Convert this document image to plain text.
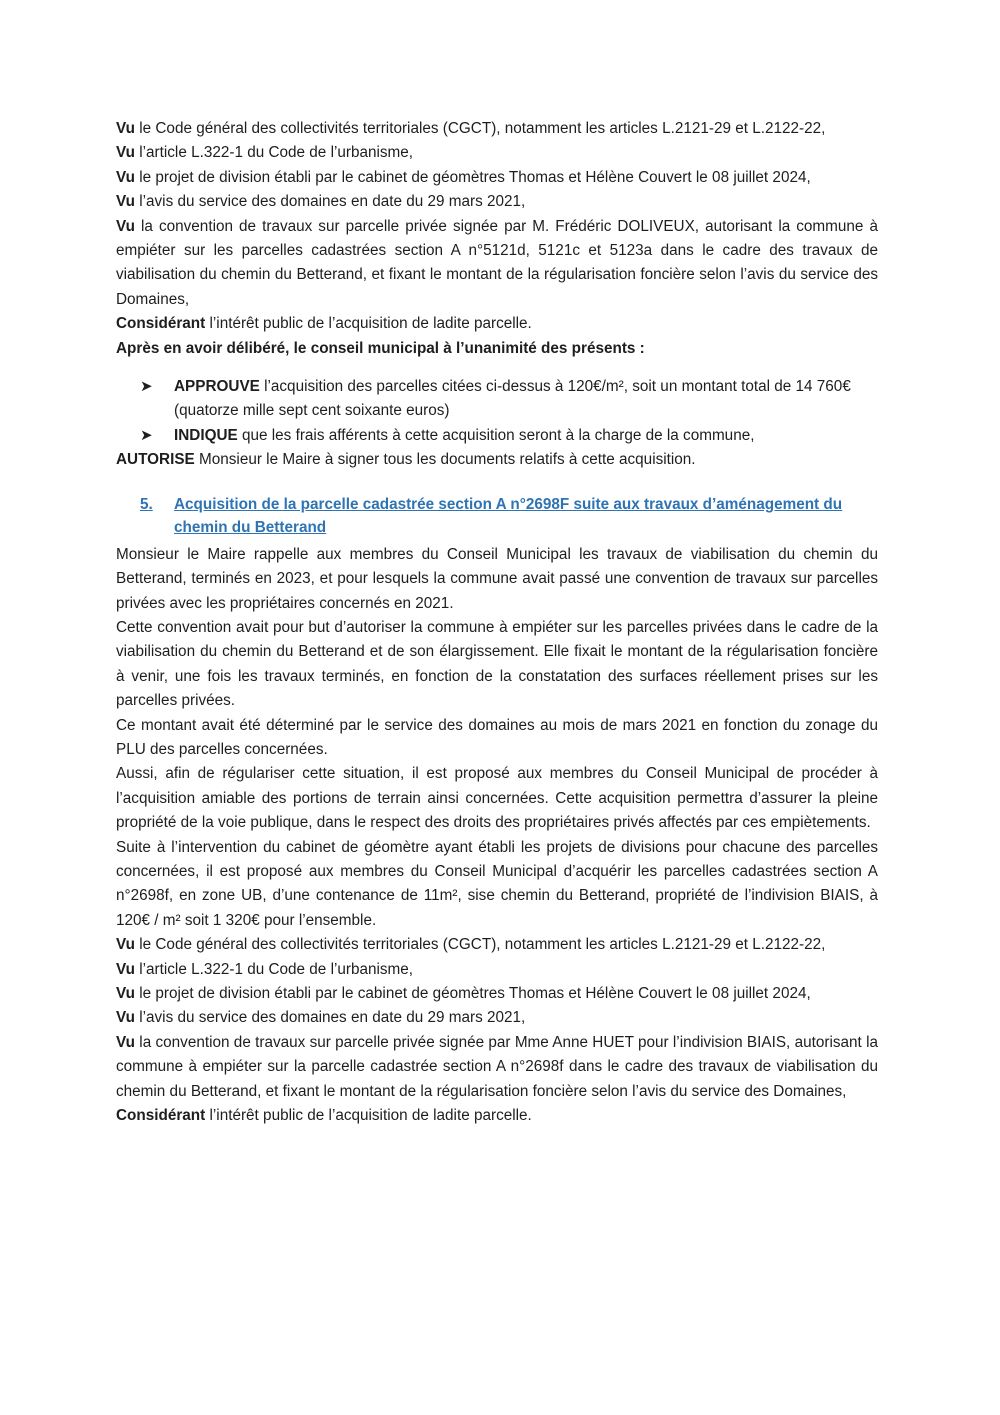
Vu le Code général des collectivités territoriales (CGCT), notamment les articles L.2121-29 et L.2122-22,

Vu l’article L.322-1 du Code de l’urbanisme,

Vu le projet de division établi par le cabinet de géomètres Thomas et Hélène Couvert le 08 juillet 2024,

Vu l’avis du service des domaines en date du 29 mars 2021,

Vu la convention de travaux sur parcelle privée signée par M. Frédéric DOLIVEUX, autorisant la commune à empiéter sur les parcelles cadastrées section A n°5121d, 5121c et 5123a dans le cadre des travaux de viabilisation du chemin du Betterand, et fixant le montant de la régularisation foncière selon l’avis du service des Domaines,

Considérant l’intérêt public de l’acquisition de ladite parcelle.

Après en avoir délibéré, le conseil municipal à l’unanimité des présents :

➤ APPROUVE l’acquisition des parcelles citées ci-dessus à 120€/m², soit un montant total de 14 760€ (quatorze mille sept cent soixante euros)
➤ INDIQUE que les frais afférents à cette acquisition seront à la charge de la commune,

AUTORISE Monsieur le Maire à signer tous les documents relatifs à cette acquisition.

5.	Acquisition de la parcelle cadastrée section A n°2698F suite aux travaux d’aménagement du chemin du Betterand

Monsieur le Maire rappelle aux membres du Conseil Municipal les travaux de viabilisation du chemin du Betterand, terminés en 2023, et pour lesquels la commune avait passé une convention de travaux sur parcelles privées avec les propriétaires concernés en 2021.

Cette convention avait pour but d’autoriser la commune à empiéter sur les parcelles privées dans le cadre de la viabilisation du chemin du Betterand et de son élargissement. Elle fixait le montant de la régularisation foncière à venir, une fois les travaux terminés, en fonction de la constatation des surfaces réellement prises sur les parcelles privées.

Ce montant avait été déterminé par le service des domaines au mois de mars 2021 en fonction du zonage du PLU des parcelles concernées.

Aussi, afin de régulariser cette situation, il est proposé aux membres du Conseil Municipal de procéder à l’acquisition amiable des portions de terrain ainsi concernées. Cette acquisition permettra d’assurer la pleine propriété de la voie publique, dans le respect des droits des propriétaires privés affectés par ces empiètements.

Suite à l’intervention du cabinet de géomètre ayant établi les projets de divisions pour chacune des parcelles concernées, il est proposé aux membres du Conseil Municipal d’acquérir les parcelles cadastrées section A n°2698f, en zone UB, d’une contenance de 11m², sise chemin du Betterand, propriété de l’indivision BIAIS, à 120€ / m² soit 1 320€ pour l’ensemble.

Vu le Code général des collectivités territoriales (CGCT), notamment les articles L.2121-29 et L.2122-22,

Vu l’article L.322-1 du Code de l’urbanisme,

Vu le projet de division établi par le cabinet de géomètres Thomas et Hélène Couvert le 08 juillet 2024,

Vu l’avis du service des domaines en date du 29 mars 2021,

Vu la convention de travaux sur parcelle privée signée par Mme Anne HUET pour l’indivision BIAIS, autorisant la commune à empiéter sur la parcelle cadastrée section A n°2698f dans le cadre des travaux de viabilisation du chemin du Betterand, et fixant le montant de la régularisation foncière selon l’avis du service des Domaines,

Considérant l’intérêt public de l’acquisition de ladite parcelle.
